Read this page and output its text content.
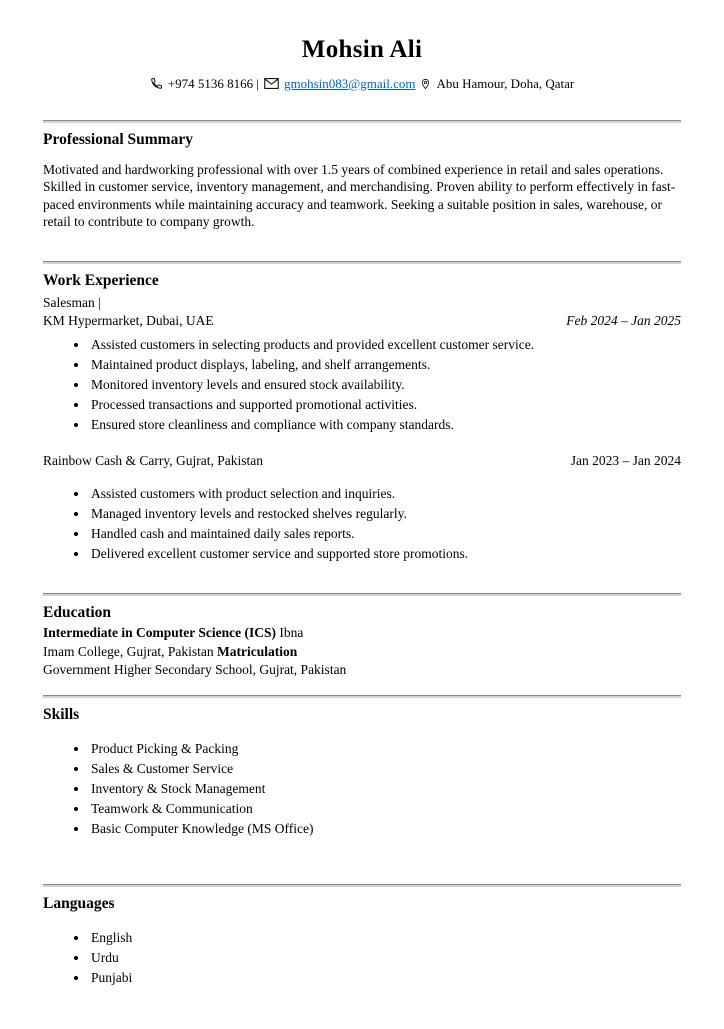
Mohsin Ali
+974 5136 8166 | gmohsin083@gmail.com Abu Hamour, Doha, Qatar
Professional Summary

Motivated and hardworking professional with over 1.5 years of combined experience in retail and sales operations. Skilled in customer service, inventory management, and merchandising. Proven ability to perform effectively in fast-paced environments while maintaining accuracy and teamwork. Seeking a suitable position in sales, warehouse, or retail to contribute to company growth.

Work Experience
Salesman |
KM Hypermarket, Dubai, UAE	Feb 2024 – Jan 2025
• Assisted customers in selecting products and provided excellent customer service.
• Maintained product displays, labeling, and shelf arrangements.
• Monitored inventory levels and ensured stock availability.
• Processed transactions and supported promotional activities.
• Ensured store cleanliness and compliance with company standards.
Rainbow Cash & Carry, Gujrat, Pakistan	Jan 2023 – Jan 2024
• Assisted customers with product selection and inquiries.
• Managed inventory levels and restocked shelves regularly.
• Handled cash and maintained daily sales reports.
• Delivered excellent customer service and supported store promotions.
Education
Intermediate in Computer Science (ICS) Ibna
Imam College, Gujrat, Pakistan Matriculation
Government Higher Secondary School, Gujrat, Pakistan
Skills
• Product Picking & Packing
• Sales & Customer Service
• Inventory & Stock Management
• Teamwork & Communication
• Basic Computer Knowledge (MS Office)
Languages
• English
• Urdu
• Punjabi
